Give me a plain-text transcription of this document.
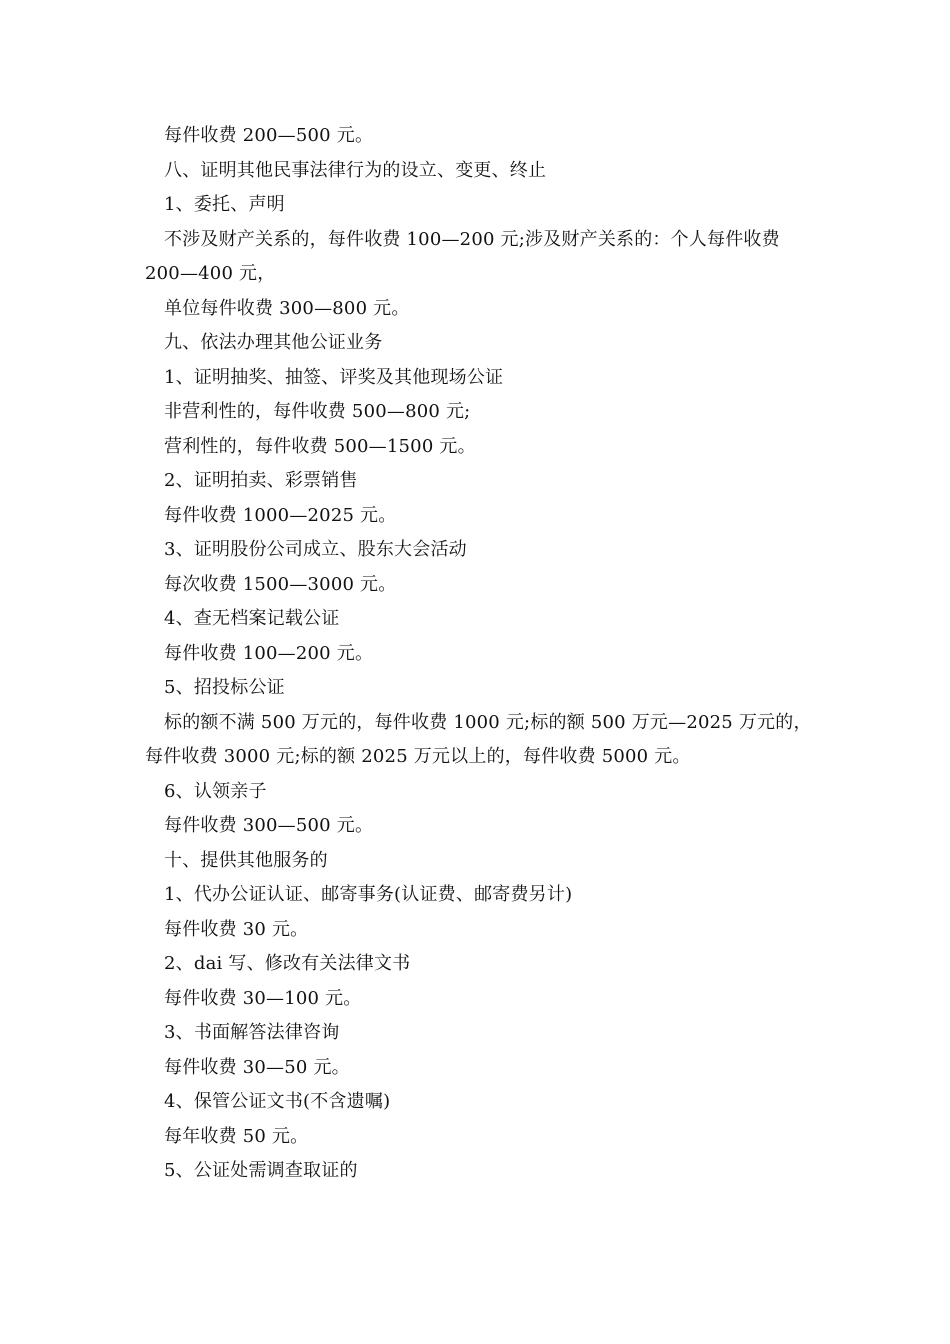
每件收费 200—500 元。
八、证明其他民事法律行为的设立、变更、终止
1、委托、声明
不涉及财产关系的，每件收费 100—200 元;涉及财产关系的：个人每件收费
200—400 元，
单位每件收费 300—800 元。
九、依法办理其他公证业务
1、证明抽奖、抽签、评奖及其他现场公证
非营利性的，每件收费 500—800 元;
营利性的，每件收费 500—1500 元。
2、证明拍卖、彩票销售
每件收费 1000—2025 元。
3、证明股份公司成立、股东大会活动
每次收费 1500—3000 元。
4、查无档案记载公证
每件收费 100—200 元。
5、招投标公证
标的额不满 500 万元的，每件收费 1000 元;标的额 500 万元—2025 万元的，
每件收费 3000 元;标的额 2025 万元以上的，每件收费 5000 元。
6、认领亲子
每件收费 300—500 元。
十、提供其他服务的
1、代办公证认证、邮寄事务(认证费、邮寄费另计)
每件收费 30 元。
2、dai 写、修改有关法律文书
每件收费 30—100 元。
3、书面解答法律咨询
每件收费 30—50 元。
4、保管公证文书(不含遗嘱)
每年收费 50 元。
5、公证处需调查取证的
